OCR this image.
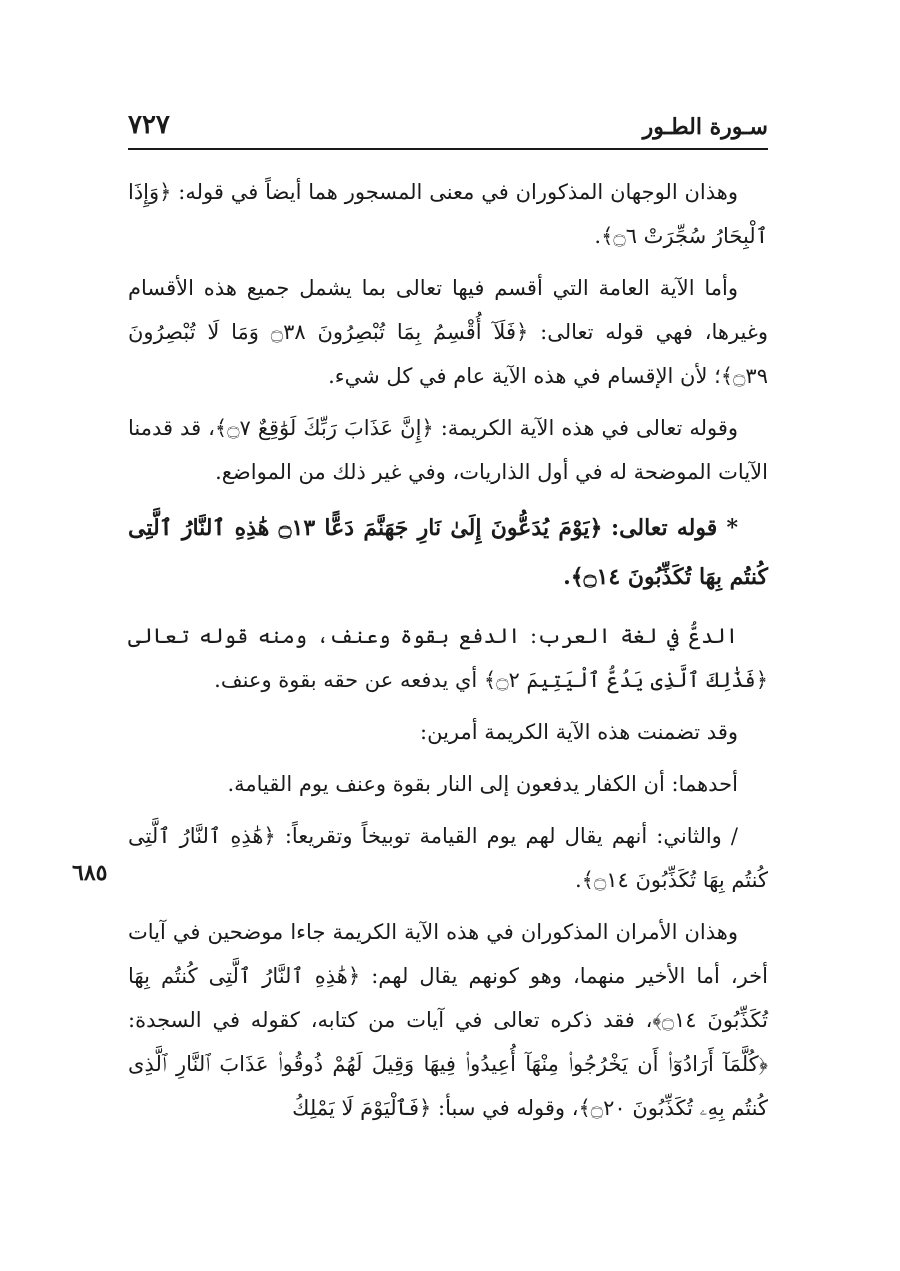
سـورة الطـور
٧٢٧
٦٨٥

وهذان الوجهان المذكوران في معنى المسجور هما أيضاً في قوله: ﴿وَإِذَا ٱلْبِحَارُ سُجِّرَتْ ۝٦﴾.

وأما الآية العامة التي أقسم فيها تعالى بما يشمل جميع هذه الأقسام وغيرها، فهي قوله تعالى: ﴿فَلَآ أُقْسِمُ بِمَا تُبْصِرُونَ ۝٣٨ وَمَا لَا تُبْصِرُونَ ۝٣٩﴾؛ لأن الإقسام في هذه الآية عام في كل شيء.

وقوله تعالى في هذه الآية الكريمة: ﴿إِنَّ عَذَابَ رَبِّكَ لَوَٰقِعٌ ۝٧﴾، قد قدمنا الآيات الموضحة له في أول الذاريات، وفي غير ذلك من المواضع.

* قوله تعالى: ﴿يَوْمَ يُدَعُّونَ إِلَىٰ نَارِ جَهَنَّمَ دَعًّا ۝١٣ هَٰذِهِ ٱلنَّارُ ٱلَّتِى كُنتُم بِهَا تُكَذِّبُونَ ۝١٤﴾.

الدعُّ في لغة العرب: الدفع بقوة وعنف، ومنه قوله تعالى ﴿فَذَٰلِكَ ٱلَّذِى يَدُعُّ ٱلْيَتِيمَ ۝٢﴾ أي يدفعه عن حقه بقوة وعنف.

وقد تضمنت هذه الآية الكريمة أمرين:

أحدهما: أن الكفار يدفعون إلى النار بقوة وعنف يوم القيامة.

/ والثاني: أنهم يقال لهم يوم القيامة توبيخاً وتقريعاً: ﴿هَٰذِهِ ٱلنَّارُ ٱلَّتِى كُنتُم بِهَا تُكَذِّبُونَ ۝١٤﴾.

وهذان الأمران المذكوران في هذه الآية الكريمة جاءا موضحين في آيات أخر، أما الأخير منهما، وهو كونهم يقال لهم: ﴿هَٰذِهِ ٱلنَّارُ ٱلَّتِى كُنتُم بِهَا تُكَذِّبُونَ ۝١٤﴾، فقد ذكره تعالى في آيات من كتابه، كقوله في السجدة: ﴿كُلَّمَآ أَرَادُوٓا۟ أَن يَخْرُجُوا۟ مِنْهَآ أُعِيدُوا۟ فِيهَا وَقِيلَ لَهُمْ ذُوقُوا۟ عَذَابَ ٱلنَّارِ ٱلَّذِى كُنتُم بِهِۦ تُكَذِّبُونَ ۝٢٠﴾، وقوله في سبأ: ﴿فَٱلْيَوْمَ لَا يَمْلِكُ
